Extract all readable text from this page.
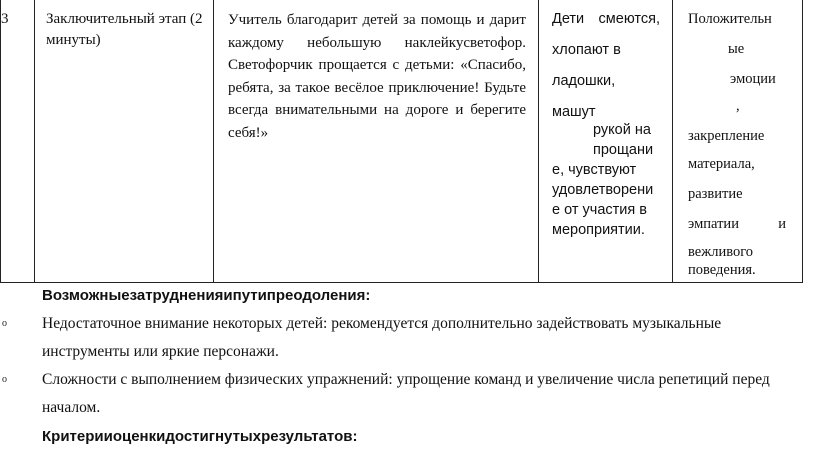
3	Заключительный этап (2 минуты)
Учитель благодарит детей за помощь и дарит каждому небольшую наклейкусветофор. Светофорчик прощается с детьми: «Спасибо, ребята, за такое весёлое приключение! Будьте всегда внимательными на дороге и берегите себя!»
Дети смеются,
хлопают в
ладошки,
машут
рукой на
прощани
е, чувствуют
удовлетворени
е от участия в
мероприятии.
Положительн
ые
эмоции
,
закрепление
материала,
развитие
эмпатии и
вежливого
поведения.
Возможныезатрудненияипутипреодоления:
o Недостаточное внимание некоторых детей: рекомендуется дополнительно задействовать музыкальные
инструменты или яркие персонажи.
o Сложности с выполнением физических упражнений: упрощение команд и увеличение числа репетиций перед
началом.
Критерииоценкидостигнутыхрезультатов:
